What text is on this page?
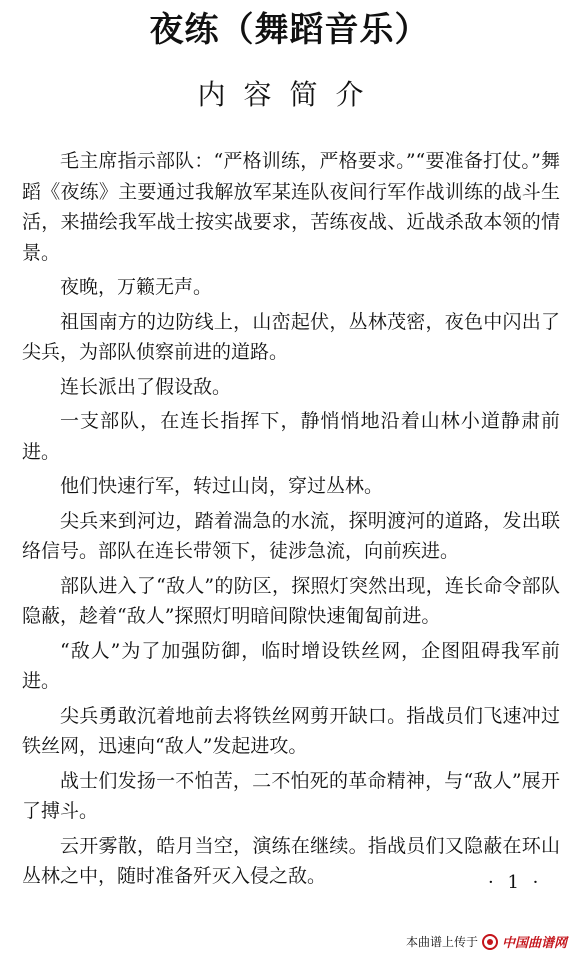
夜练（舞蹈音乐）
内容简介

毛主席指示部队：“严格训练，严格要求。”“要准备打仗。”舞蹈《夜练》主要通过我解放军某连队夜间行军作战训练的战斗生活，来描绘我军战士按实战要求，苦练夜战、近战杀敌本领的情景。

夜晚，万籁无声。

祖国南方的边防线上，山峦起伏，丛林茂密，夜色中闪出了尖兵，为部队侦察前进的道路。

连长派出了假设敌。

一支部队，在连长指挥下，静悄悄地沿着山林小道静肃前进。

他们快速行军，转过山岗，穿过丛林。

尖兵来到河边，踏着湍急的水流，探明渡河的道路，发出联络信号。部队在连长带领下，徒涉急流，向前疾进。

部队进入了“敌人”的防区，探照灯突然出现，连长命令部队隐蔽，趁着“敌人”探照灯明暗间隙快速匍匐前进。

“敌人”为了加强防御，临时增设铁丝网，企图阻碍我军前进。

尖兵勇敢沉着地前去将铁丝网剪开缺口。指战员们飞速冲过铁丝网，迅速向“敌人”发起进攻。

战士们发扬一不怕苦，二不怕死的革命精神，与“敌人”展开了搏斗。

云开雾散，皓月当空，演练在继续。指战员们又隐蔽在环山丛林之中，随时准备歼灭入侵之敌。	· 1 ·
本曲谱上传于 中国曲谱网
